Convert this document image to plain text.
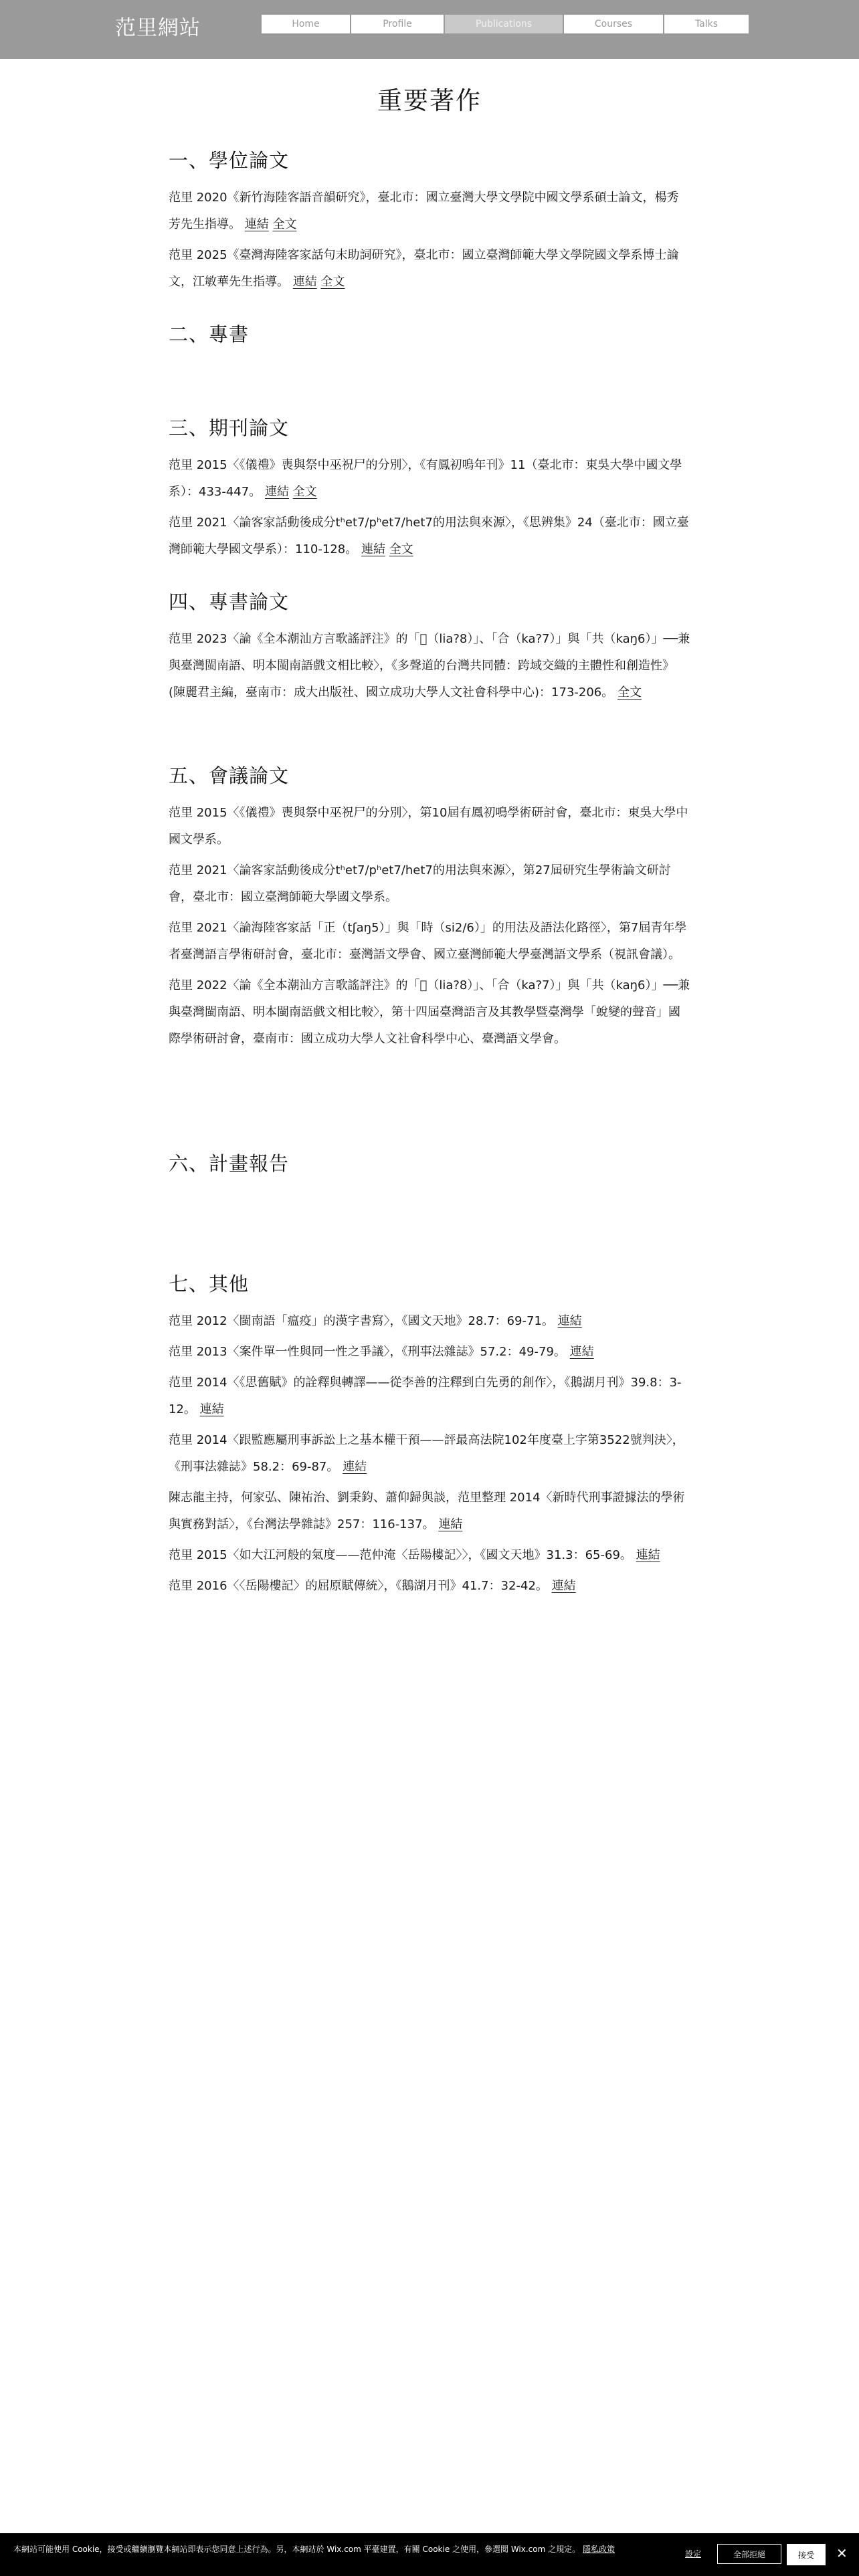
范里網站	Home	Profile	Publications	Courses	Talks
重要著作
一、學位論文

范里 2020《新竹海陸客語音韻研究》，臺北市：國立臺灣大學文學院中國文學系碩士論文，楊秀芳先生指導。 連結 全文

范里 2025《臺灣海陸客家話句末助詞研究》，臺北市：國立臺灣師範大學文學院國文學系博士論文，江敏華先生指導。 連結 全文

二、專書
三、期刊論文

范里 2015〈《儀禮》喪與祭中巫祝尸的分別〉，《有鳳初鳴年刊》11（臺北市：東吳大學中國文學系）：433-447。 連結 全文

范里 2021〈論客家話動後成分tʰet7/pʰet7/het7的用法與來源〉，《思辨集》24（臺北市：國立臺灣師範大學國文學系）：110-128。 連結 全文

四、專書論文

范里 2023〈論《全本潮汕方言歌謠評注》的「𫈃（lia?8）」、「合（ka?7）」與「共（kaŋ6）」──兼與臺灣閩南語、明本閩南語戲文相比較〉，《多聲道的台灣共同體：跨域交織的主體性和創造性》(陳麗君主編，臺南市：成大出版社、國立成功大學人文社會科學中心)：173-206。 全文

五、會議論文

范里 2015〈《儀禮》喪與祭中巫祝尸的分別〉，第10屆有鳳初鳴學術研討會，臺北市：東吳大學中國文學系。

范里 2021〈論客家話動後成分tʰet7/pʰet7/het7的用法與來源〉，第27屆研究生學術論文研討會，臺北市：國立臺灣師範大學國文學系。

范里 2021〈論海陸客家話「正（tʃaŋ5）」與「時（si2/6）」的用法及語法化路徑〉，第7屆青年學者臺灣語言學術研討會，臺北市：臺灣語文學會、國立臺灣師範大學臺灣語文學系（視訊會議）。

范里 2022〈論《全本潮汕方言歌謠評注》的「𫈃（lia?8）」、「合（ka?7）」與「共（kaŋ6）」──兼與臺灣閩南語、明本閩南語戲文相比較〉，第十四屆臺灣語言及其教學暨臺灣學「蛻變的聲音」國際學術研討會，臺南市：國立成功大學人文社會科學中心、臺灣語文學會。

六、計畫報告
七、其他

范里 2012〈閩南語「瘟疫」的漢字書寫〉，《國文天地》28.7：69-71。 連結

范里 2013〈案件單一性與同一性之爭議〉，《刑事法雜誌》57.2：49-79。 連結

范里 2014〈《思舊賦》的詮釋與轉譯——從李善的注釋到白先勇的創作〉，《鵝湖月刊》39.8：3-12。 連結

范里 2014〈跟監應屬刑事訴訟上之基本權干預——評最高法院102年度臺上字第3522號判決〉，《刑事法雜誌》58.2：69-87。 連結

陳志龍主持，何家弘、陳祐治、劉秉鈞、蕭仰歸與談，范里整理 2014〈新時代刑事證據法的學術與實務對話〉，《台灣法學雜誌》257：116-137。 連結

范里 2015〈如大江河般的氣度——范仲淹〈岳陽樓記〉〉，《國文天地》31.3：65-69。 連結

范里 2016〈〈岳陽樓記〉的屈原賦傳統〉，《鵝湖月刊》41.7：32-42。 連結

本網站可能使用 Cookie，接受或繼續瀏覽本網站即表示您同意上述行為。另，本網站於 Wix.com 平臺建置，有關 Cookie 之使用，參選閱 Wix.com 之規定。 隱私政策	設定	全部拒絕	接受	✕
